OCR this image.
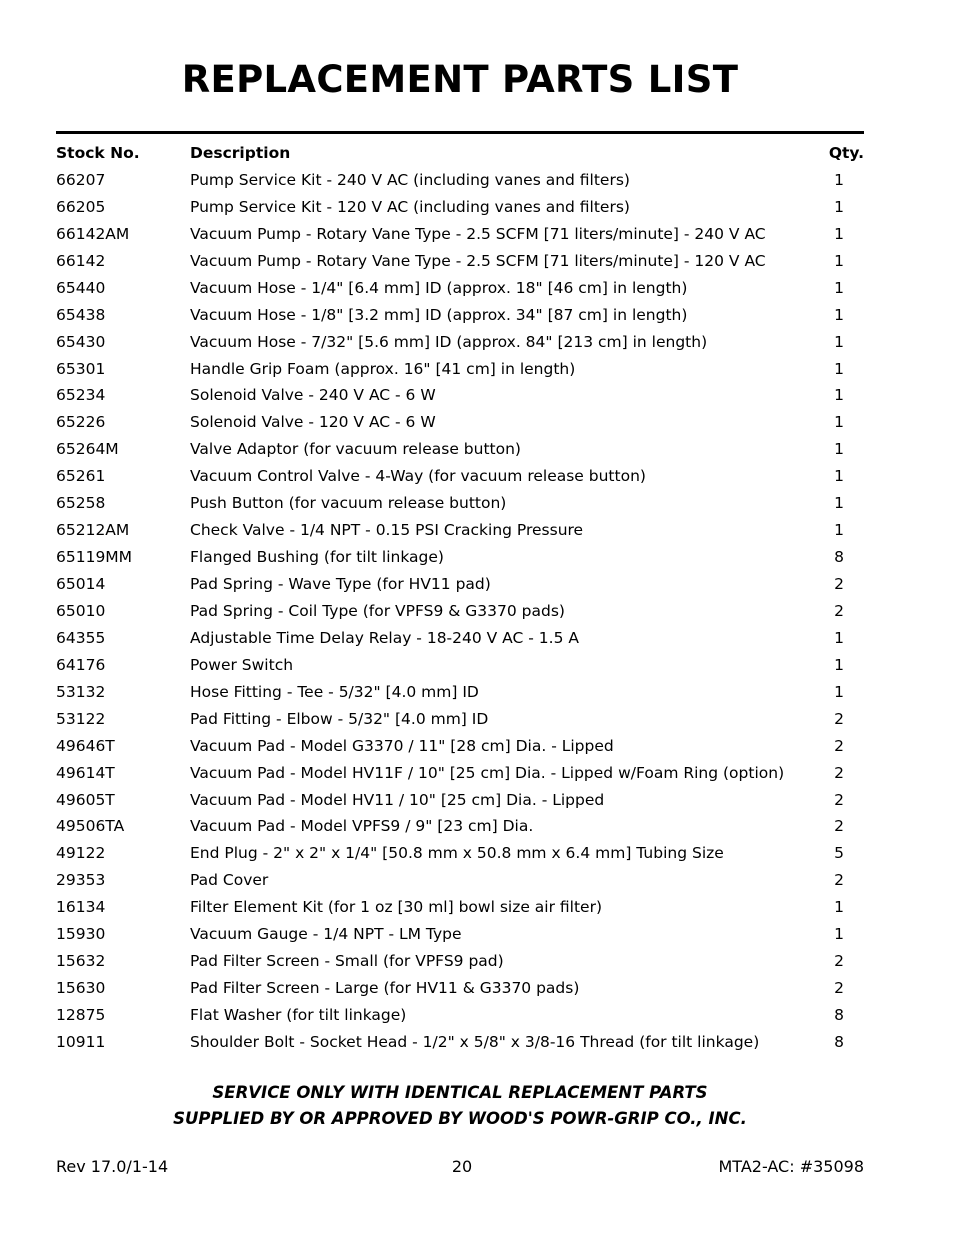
REPLACEMENT PARTS LIST
Stock No.	Description	Qty.
66207	Pump Service Kit - 240 V AC (including vanes and filters)	1
66205	Pump Service Kit - 120 V AC (including vanes and filters)	1
66142AM	Vacuum Pump - Rotary Vane Type - 2.5 SCFM [71 liters/minute] - 240 V AC	1
66142	Vacuum Pump - Rotary Vane Type - 2.5 SCFM [71 liters/minute] - 120 V AC	1
65440	Vacuum Hose - 1/4" [6.4 mm] ID (approx. 18" [46 cm] in length)	1
65438	Vacuum Hose - 1/8" [3.2 mm] ID (approx. 34" [87 cm] in length)	1
65430	Vacuum Hose - 7/32" [5.6 mm] ID (approx. 84" [213 cm] in length)	1
65301	Handle Grip Foam (approx. 16" [41 cm] in length)	1
65234	Solenoid Valve - 240 V AC - 6 W	1
65226	Solenoid Valve - 120 V AC - 6 W	1
65264M	Valve Adaptor (for vacuum release button)	1
65261	Vacuum Control Valve - 4-Way (for vacuum release button)	1
65258	Push Button (for vacuum release button)	1
65212AM	Check Valve - 1/4 NPT - 0.15 PSI Cracking Pressure	1
65119MM	Flanged Bushing (for tilt linkage)	8
65014	Pad Spring - Wave Type (for HV11 pad)	2
65010	Pad Spring - Coil Type (for VPFS9 & G3370 pads)	2
64355	Adjustable Time Delay Relay - 18-240 V AC - 1.5 A	1
64176	Power Switch	1
53132	Hose Fitting - Tee - 5/32" [4.0 mm] ID	1
53122	Pad Fitting - Elbow - 5/32" [4.0 mm] ID	2
49646T	Vacuum Pad - Model G3370 / 11" [28 cm] Dia. - Lipped	2
49614T	Vacuum Pad - Model HV11F / 10" [25 cm] Dia. - Lipped w/Foam Ring (option)	2
49605T	Vacuum Pad - Model HV11 / 10" [25 cm] Dia. - Lipped	2
49506TA	Vacuum Pad - Model VPFS9 / 9" [23 cm] Dia.	2
49122	End Plug - 2" x 2" x 1/4" [50.8 mm x 50.8 mm x 6.4 mm] Tubing Size	5
29353	Pad Cover	2
16134	Filter Element Kit (for 1 oz [30 ml] bowl size air filter)	1
15930	Vacuum Gauge - 1/4 NPT - LM Type	1
15632	Pad Filter Screen - Small (for VPFS9 pad)	2
15630	Pad Filter Screen - Large (for HV11 & G3370 pads)	2
12875	Flat Washer (for tilt linkage)	8
10911	Shoulder Bolt - Socket Head - 1/2" x 5/8" x 3/8-16 Thread (for tilt linkage)	8
SERVICE ONLY WITH IDENTICAL REPLACEMENT PARTS
SUPPLIED BY OR APPROVED BY WOOD'S POWR-GRIP CO., INC.
Rev 17.0/1-14	20	MTA2-AC: #35098
